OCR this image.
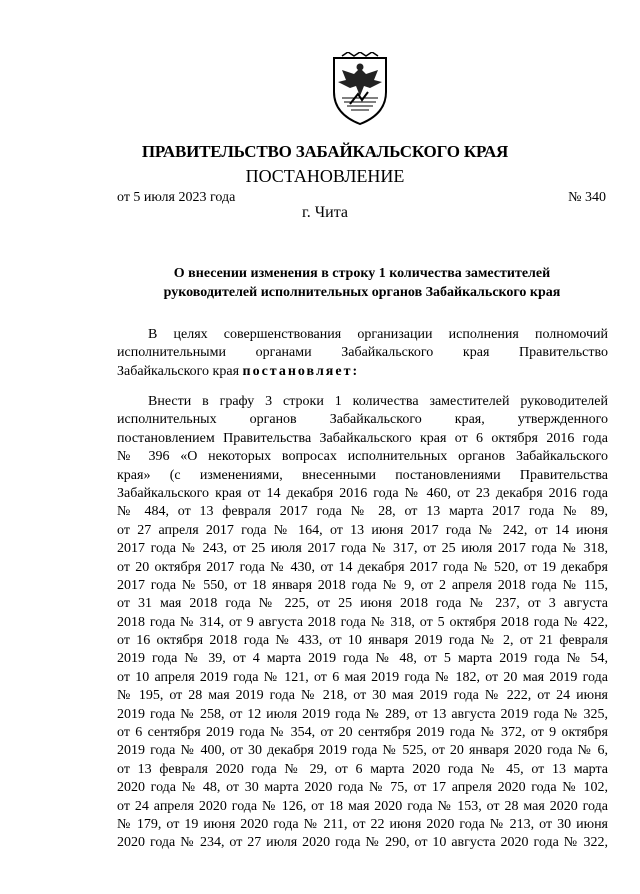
ПРАВИТЕЛЬСТВО ЗАБАЙКАЛЬСКОГО КРАЯ
ПОСТАНОВЛЕНИЕ
от 5 июля 2023 года	№ 340
г. Чита
О внесении изменения в строку 1 количества заместителей
руководителей исполнительных органов Забайкальского края
В целях совершенствования организации исполнения полномочий
исполнительными органами Забайкальского края Правительство
Забайкальского края постановляет:
Внести в графу 3 строки 1 количества заместителей руководителей
исполнительных органов Забайкальского края, утвержденного
постановлением Правительства Забайкальского края от 6 октября 2016 года
№ 396 «О некоторых вопросах исполнительных органов Забайкальского
края» (с изменениями, внесенными постановлениями Правительства
Забайкальского края от 14 декабря 2016 года № 460, от 23 декабря 2016 года
№ 484, от 13 февраля 2017 года № 28, от 13 марта 2017 года № 89,
от 27 апреля 2017 года № 164, от 13 июня 2017 года № 242, от 14 июня
2017 года № 243, от 25 июля 2017 года № 317, от 25 июля 2017 года № 318,
от 20 октября 2017 года № 430, от 14 декабря 2017 года № 520, от 19 декабря
2017 года № 550, от 18 января 2018 года № 9, от 2 апреля 2018 года № 115,
от 31 мая 2018 года № 225, от 25 июня 2018 года № 237, от 3 августа
2018 года № 314, от 9 августа 2018 года № 318, от 5 октября 2018 года № 422,
от 16 октября 2018 года № 433, от 10 января 2019 года № 2, от 21 февраля
2019 года № 39, от 4 марта 2019 года № 48, от 5 марта 2019 года № 54,
от 10 апреля 2019 года № 121, от 6 мая 2019 года № 182, от 20 мая 2019 года
№ 195, от 28 мая 2019 года № 218, от 30 мая 2019 года № 222, от 24 июня
2019 года № 258, от 12 июля 2019 года № 289, от 13 августа 2019 года № 325,
от 6 сентября 2019 года № 354, от 20 сентября 2019 года № 372, от 9 октября
2019 года № 400, от 30 декабря 2019 года № 525, от 20 января 2020 года № 6,
от 13 февраля 2020 года № 29, от 6 марта 2020 года № 45, от 13 марта
2020 года № 48, от 30 марта 2020 года № 75, от 17 апреля 2020 года № 102,
от 24 апреля 2020 года № 126, от 18 мая 2020 года № 153, от 28 мая 2020 года
№ 179, от 19 июня 2020 года № 211, от 22 июня 2020 года № 213, от 30 июня
2020 года № 234, от 27 июля 2020 года № 290, от 10 августа 2020 года № 322,
